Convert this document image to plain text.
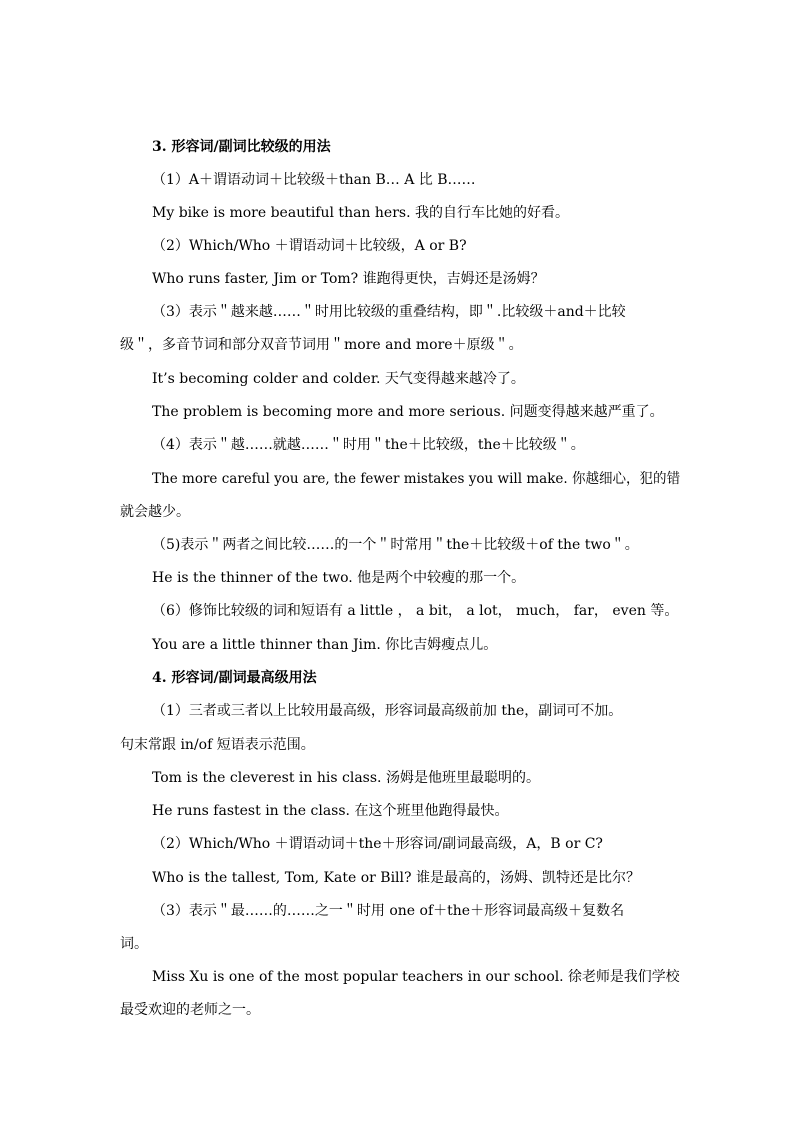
3. 形容词/副词比较级的用法
（1）A＋谓语动词＋比较级＋than B… A 比 B……
My bike is more beautiful than hers. 我的自行车比她的好看。
（2）Which/Who ＋谓语动词＋比较级，A or B?
Who runs faster, Jim or Tom? 谁跑得更快，吉姆还是汤姆？
（3）表示＂越来越……＂时用比较级的重叠结构，即＂.比较级＋and＋比较
级＂，多音节词和部分双音节词用＂more and more＋原级＂。
It’s becoming colder and colder. 天气变得越来越冷了。
The problem is becoming more and more serious. 问题变得越来越严重了。
（4）表示＂越……就越……＂时用＂the＋比较级，the＋比较级＂。
The more careful you are, the fewer mistakes you will make. 你越细心，犯的错
就会越少。
（5)表示＂两者之间比较……的一个＂时常用＂the＋比较级＋of the two＂。
He is the thinner of the two. 他是两个中较瘦的那一个。
（6）修饰比较级的词和短语有 a little ， a bit， a lot， much， far， even 等。
You are a little thinner than Jim. 你比吉姆瘦点儿。
4. 形容词/副词最高级用法
（1）三者或三者以上比较用最高级，形容词最高级前加 the，副词可不加。
句末常跟 in/of 短语表示范围。
Tom is the cleverest in his class. 汤姆是他班里最聪明的。
He runs fastest in the class. 在这个班里他跑得最快。
（2）Which/Who ＋谓语动词＋the＋形容词/副词最高级，A，B or C?
Who is the tallest, Tom, Kate or Bill? 谁是最高的，汤姆、凯特还是比尔？
（3）表示＂最……的……之一＂时用 one of＋the＋形容词最高级＋复数名
词。
Miss Xu is one of the most popular teachers in our school. 徐老师是我们学校
最受欢迎的老师之一。
